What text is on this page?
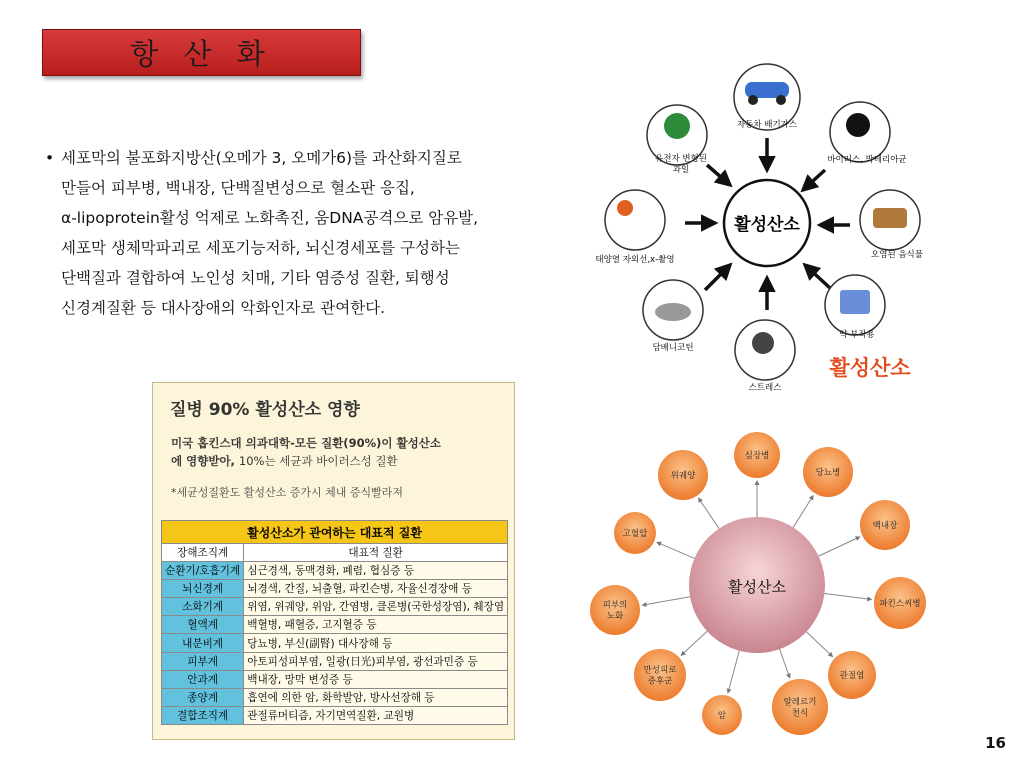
항 산 화
• 세포막의 불포화지방산(오메가 3, 오메가6)를 과산화지질로
만들어 피부병, 백내장, 단백질변성으로 혈소판 응집,
α-lipoprotein활성 억제로 노화촉진, 움DNA공격으로 암유발,
세포막 생체막파괴로 세포기능저하, 뇌신경세포를 구성하는
단백질과 결합하여 노인성 치매, 기타 염증성 질환, 퇴행성
신경계질환 등 대사장애의 악화인자로 관여한다.
질병 90% 활성산소 영향
미국 홉킨스대 의과대학-모든 질환(90%)이 활성산소
에 영향받아, 10%는 세균과 바이러스성 질환
*세균성질환도 활성산소 증가시 체내 증식빨라져
활성산소가 관여하는 대표적 질환	
장해조직계	대표적 질환
순환기/호흡기계	심근경색, 동맥경화, 폐렴, 협심증 등
뇌신경계	뇌경색, 간질, 뇌출혈, 파킨슨병, 자율신경장애 등
소화기계	위염, 위궤양, 위암, 간염병, 클론병(국한성장염), 췌장염
혈액계	백혈병, 패혈증, 고지혈증 등
내분비계	당뇨병, 부신(副腎) 대사장해 등
피부계	아토피성피부염, 일광(日光)피부염, 광선과민증 등
안과계	백내장, 망막 변성증 등
종양계	흡연에 의한 암, 화학발암, 방사선장해 등
결합조직계	관절류머티즘, 자기면역질환, 교원병
활성산소
자동차 배기가스
바이러스, 박테리아균
오염된 음식물
약 부작용
활성산소
스트레스
담배니코틴
태양열 자외선,x-촬영
유전자 변형된
과일
활성산소
심장병
당뇨병
백내장
파킨스씨병
관절염
알레르기
천식
암
만성피로
증후군
피부의
노화
고혈압
위궤양
16
